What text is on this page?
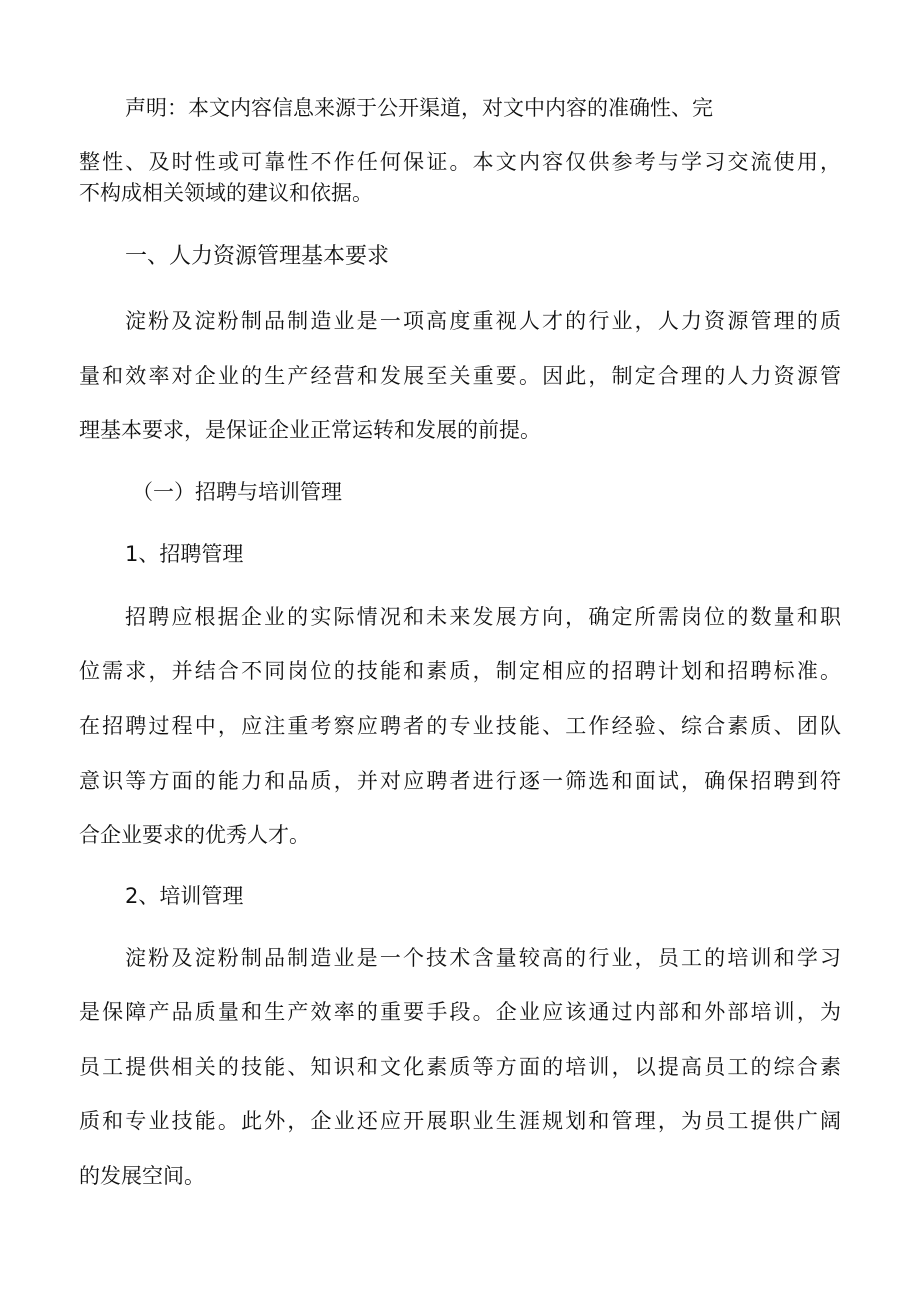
声明：本文内容信息来源于公开渠道，对文中内容的准确性、完

整性、及时性或可靠性不作任何保证。本文内容仅供参考与学习交流使用，

不构成相关领域的建议和依据。

一、人力资源管理基本要求

淀粉及淀粉制品制造业是一项高度重视人才的行业，人力资源管理的质

量和效率对企业的生产经营和发展至关重要。因此，制定合理的人力资源管

理基本要求，是保证企业正常运转和发展的前提。

（一）招聘与培训管理

1、招聘管理

招聘应根据企业的实际情况和未来发展方向，确定所需岗位的数量和职

位需求，并结合不同岗位的技能和素质，制定相应的招聘计划和招聘标准。

在招聘过程中，应注重考察应聘者的专业技能、工作经验、综合素质、团队

意识等方面的能力和品质，并对应聘者进行逐一筛选和面试，确保招聘到符

合企业要求的优秀人才。

2、培训管理

淀粉及淀粉制品制造业是一个技术含量较高的行业，员工的培训和学习

是保障产品质量和生产效率的重要手段。企业应该通过内部和外部培训，为

员工提供相关的技能、知识和文化素质等方面的培训，以提高员工的综合素

质和专业技能。此外，企业还应开展职业生涯规划和管理，为员工提供广阔

的发展空间。
